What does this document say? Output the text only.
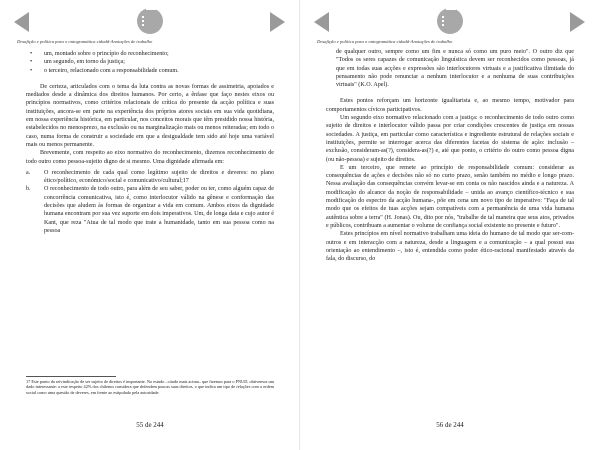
Desafição e política para o ontogramática cidadã-Anotações de trabalho
• um, montado sobre o princípio do reconhecimento;
• um segundo, em torno da justiça;
• o terceiro, relacionado com a responsabilidade comum.

De certeza, articulados com o tema da luta contra as novas formas de assimetria, apoiados e mediados desde a dinâmica dos direitos humanos. Por certo, a ênfase que faço nestes eixos ou princípios normativos, como critérios relacionais de crítica do presente da acção política e suas instituições, ancora-se em parte na experiência dos próprios atores sociais em sua vida quotidiana, em nossa experiência histórica, em particular, nos conceitos morais que têm presidido nossa história, estabelecidos no menosprezo, na exclusão ou na marginalização mais ou menos reiteradas; em todo o caso, numa forma de construir a sociedade em que a desigualdade tem sido até hoje uma variável mais ou menos permanente.

Brevemente, com respeito ao eixo normativo do reconhecimento, dizemos reconhecimento de todo outro como pessoa-sujeito digno de si mesmo. Uma dignidade afirmada em:

a. O reconhecimento de cada qual como legítimo sujeito de direitos e deveres: no plano ético/político, económico/social e comunicativo/cultural;17
b. O reconhecimento de todo outro, para além de seu saber, poder ou ter, como alguém capaz de concorrência comunicativa, isto é, como interlocutor válido na gênese e conformação das decisões que aludem às formas de organizar a vida em comum. Ambos eixos da dignidade humana encontram por sua vez suporte em dois imperativos. Um, de longa data e cujo autor é Kant, que reza "Atua de tal modo que trate a humanidade, tanto em sua pessoa como na pessoa
17 Este ponto da reivindicação de ser sujeito de direitos é importante. No estudo –citado mais acima– que fizemos para o PNUD, obtivemos um dado interessante: a este respeito 42% dos chilenos considera que defendem poucas suas direitos, o que indica um tipo de relações com a ordem social como uma questão de deveres, em frente ao estipulado pela autoridade.
55 de 244
Desafição e política para o ontogramática cidadã-Anotações de trabalho

de qualquer outro, sempre como um fim e nunca só como um puro meio". O outro diz que "Todos os seres capazes de comunicação linguística devem ser reconhecidos como pessoas, já que em todas suas acções e expressões são interlocutores virtuais e a justificativa ilimitada do pensamento não pode renunciar a nenhum interlocutor e a nenhuma de suas contribuições virtuais" (K.O. Apel).

Estes pontos reforçam um horizonte igualitarista e, ao mesmo tempo, motivador para comportamentos cívicos participativos.

Um segundo eixo normativo relacionado com a justiça: o reconhecimento de todo outro como sujeito de direitos e interlocutor válido passa por criar condições crescentes de justiça em nossas sociedades. A justiça, em particular como característica e ingrediente estrutural de relações sociais e instituições, permite se interrogar acerca das diferentes facetas do sistema de ação: inclusão – exclusão, consideram-as(?), considera-as(?) e, até que ponto, o critério do outro como pessoa digna (ou não-pessoa) e sujeito de direitos.

E um terceiro, que remete ao princípio de responsabilidade comum: considerar as consequências de ações e decisões não só no curto prazo, senão também no médio e longo prazo. Nessa avaliação das consequências convém levar-se em conta os não nascidos ainda e a natureza. A modificação do alcance da noção de responsabilidade – unida ao avanço científico-técnico e sua modificação do espectro da acção humana-, põe em cena um novo tipo de imperativo: "Faça de tal modo que os efeitos de tuas acções sejam compatíveis com a permanência de uma vida humana autêntica sobre a terra" (H. Jonas). Ou, dito por nós, "trabalhe de tal maneira que seus atos, privados e públicos, contribuam a aumentar o volume de confiança social existente no presente e futuro".

Estes princípios em nível normativo trabalham uma ideia do humano de tal modo que ser-com-outros e em interacção com a natureza, desde a linguagem e a comunicação – a qual possui sua orientação ao entendimento –, isto é, entendida como poder ético-racional manifestado através da fala, do discurso, do

56 de 244
